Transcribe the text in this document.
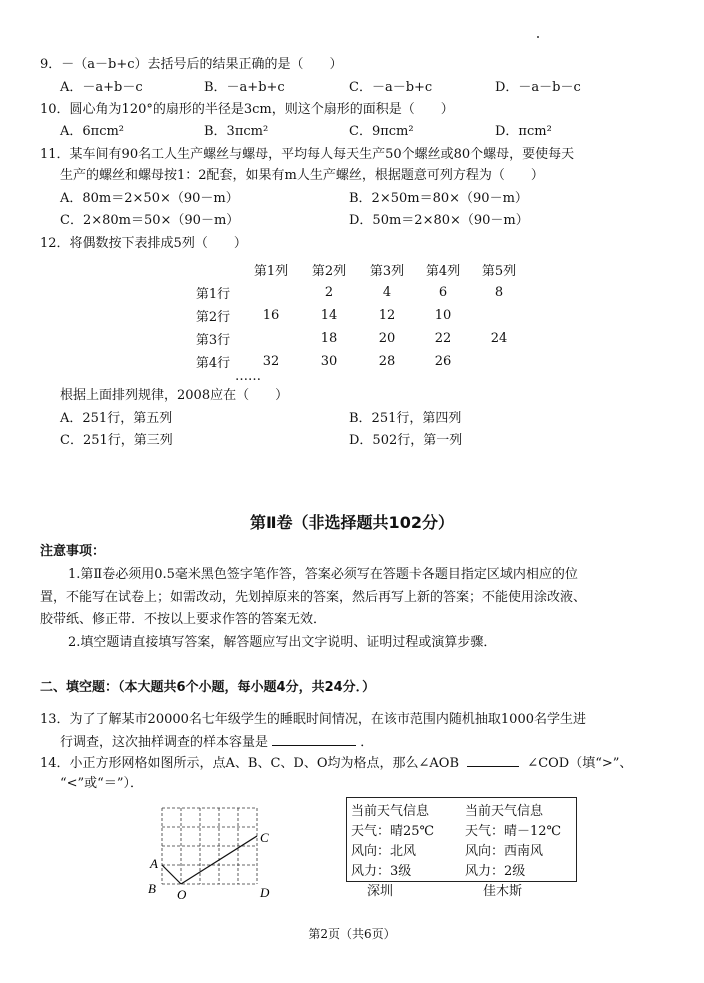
9．－（a－b+c）去括号后的结果正确的是（　　）
A．－a+b－c	B．－a+b+c	C．－a－b+c	D．－a－b－c
10．圆心角为120°的扇形的半径是3cm，则这个扇形的面积是（　　）
A．6πcm²	B．3πcm²	C．9πcm²	D．πcm²
11．某车间有90名工人生产螺丝与螺母，平均每人每天生产50个螺丝或80个螺母，要使每天
生产的螺丝和螺母按1：2配套，如果有m人生产螺丝，根据题意可列方程为（　　）
A．80m＝2×50×（90－m）	B．2×50m＝80×（90－m）
C．2×80m＝50×（90－m）	D．50m＝2×80×（90－m）
12．将偶数按下表排成5列（　　）
	第1列	第2列	第3列	第4列	第5列
第1行		2	4	6	8
第2行	16	14	12	10	
第3行		18	20	22	24
第4行	32	30	28	26	
……
根据上面排列规律，2008应在（　　）
A．251行，第五列	B．251行，第四列
C．251行，第三列	D．502行，第一列
第Ⅱ卷（非选择题共102分）
注意事项：
1.第Ⅱ卷必须用0.5毫米黑色签字笔作答，答案必须写在答题卡各题目指定区域内相应的位
置，不能写在试卷上；如需改动，先划掉原来的答案，然后再写上新的答案；不能使用涂改液、
胶带纸、修正带．不按以上要求作答的答案无效．
2.填空题请直接填写答案，解答题应写出文字说明、证明过程或演算步骤．
二、填空题：（本大题共6个小题，每小题4分，共24分．）
13．为了了解某市20000名七年级学生的睡眠时间情况，在该市范围内随机抽取1000名学生进
行调查，这次抽样调查的样本容量是	．
14．小正方形网格如图所示，点A、B、C、D、O均为格点，那么∠AOB	∠COD（填“>”、
“<”或“＝”）．
A
B
C
D
O
当前天气信息
天气：晴25℃
风向：北风
风力：3级
深圳
当前天气信息
天气：晴－12℃
风向：西南风
风力：2级
佳木斯
第2页（共6页）
